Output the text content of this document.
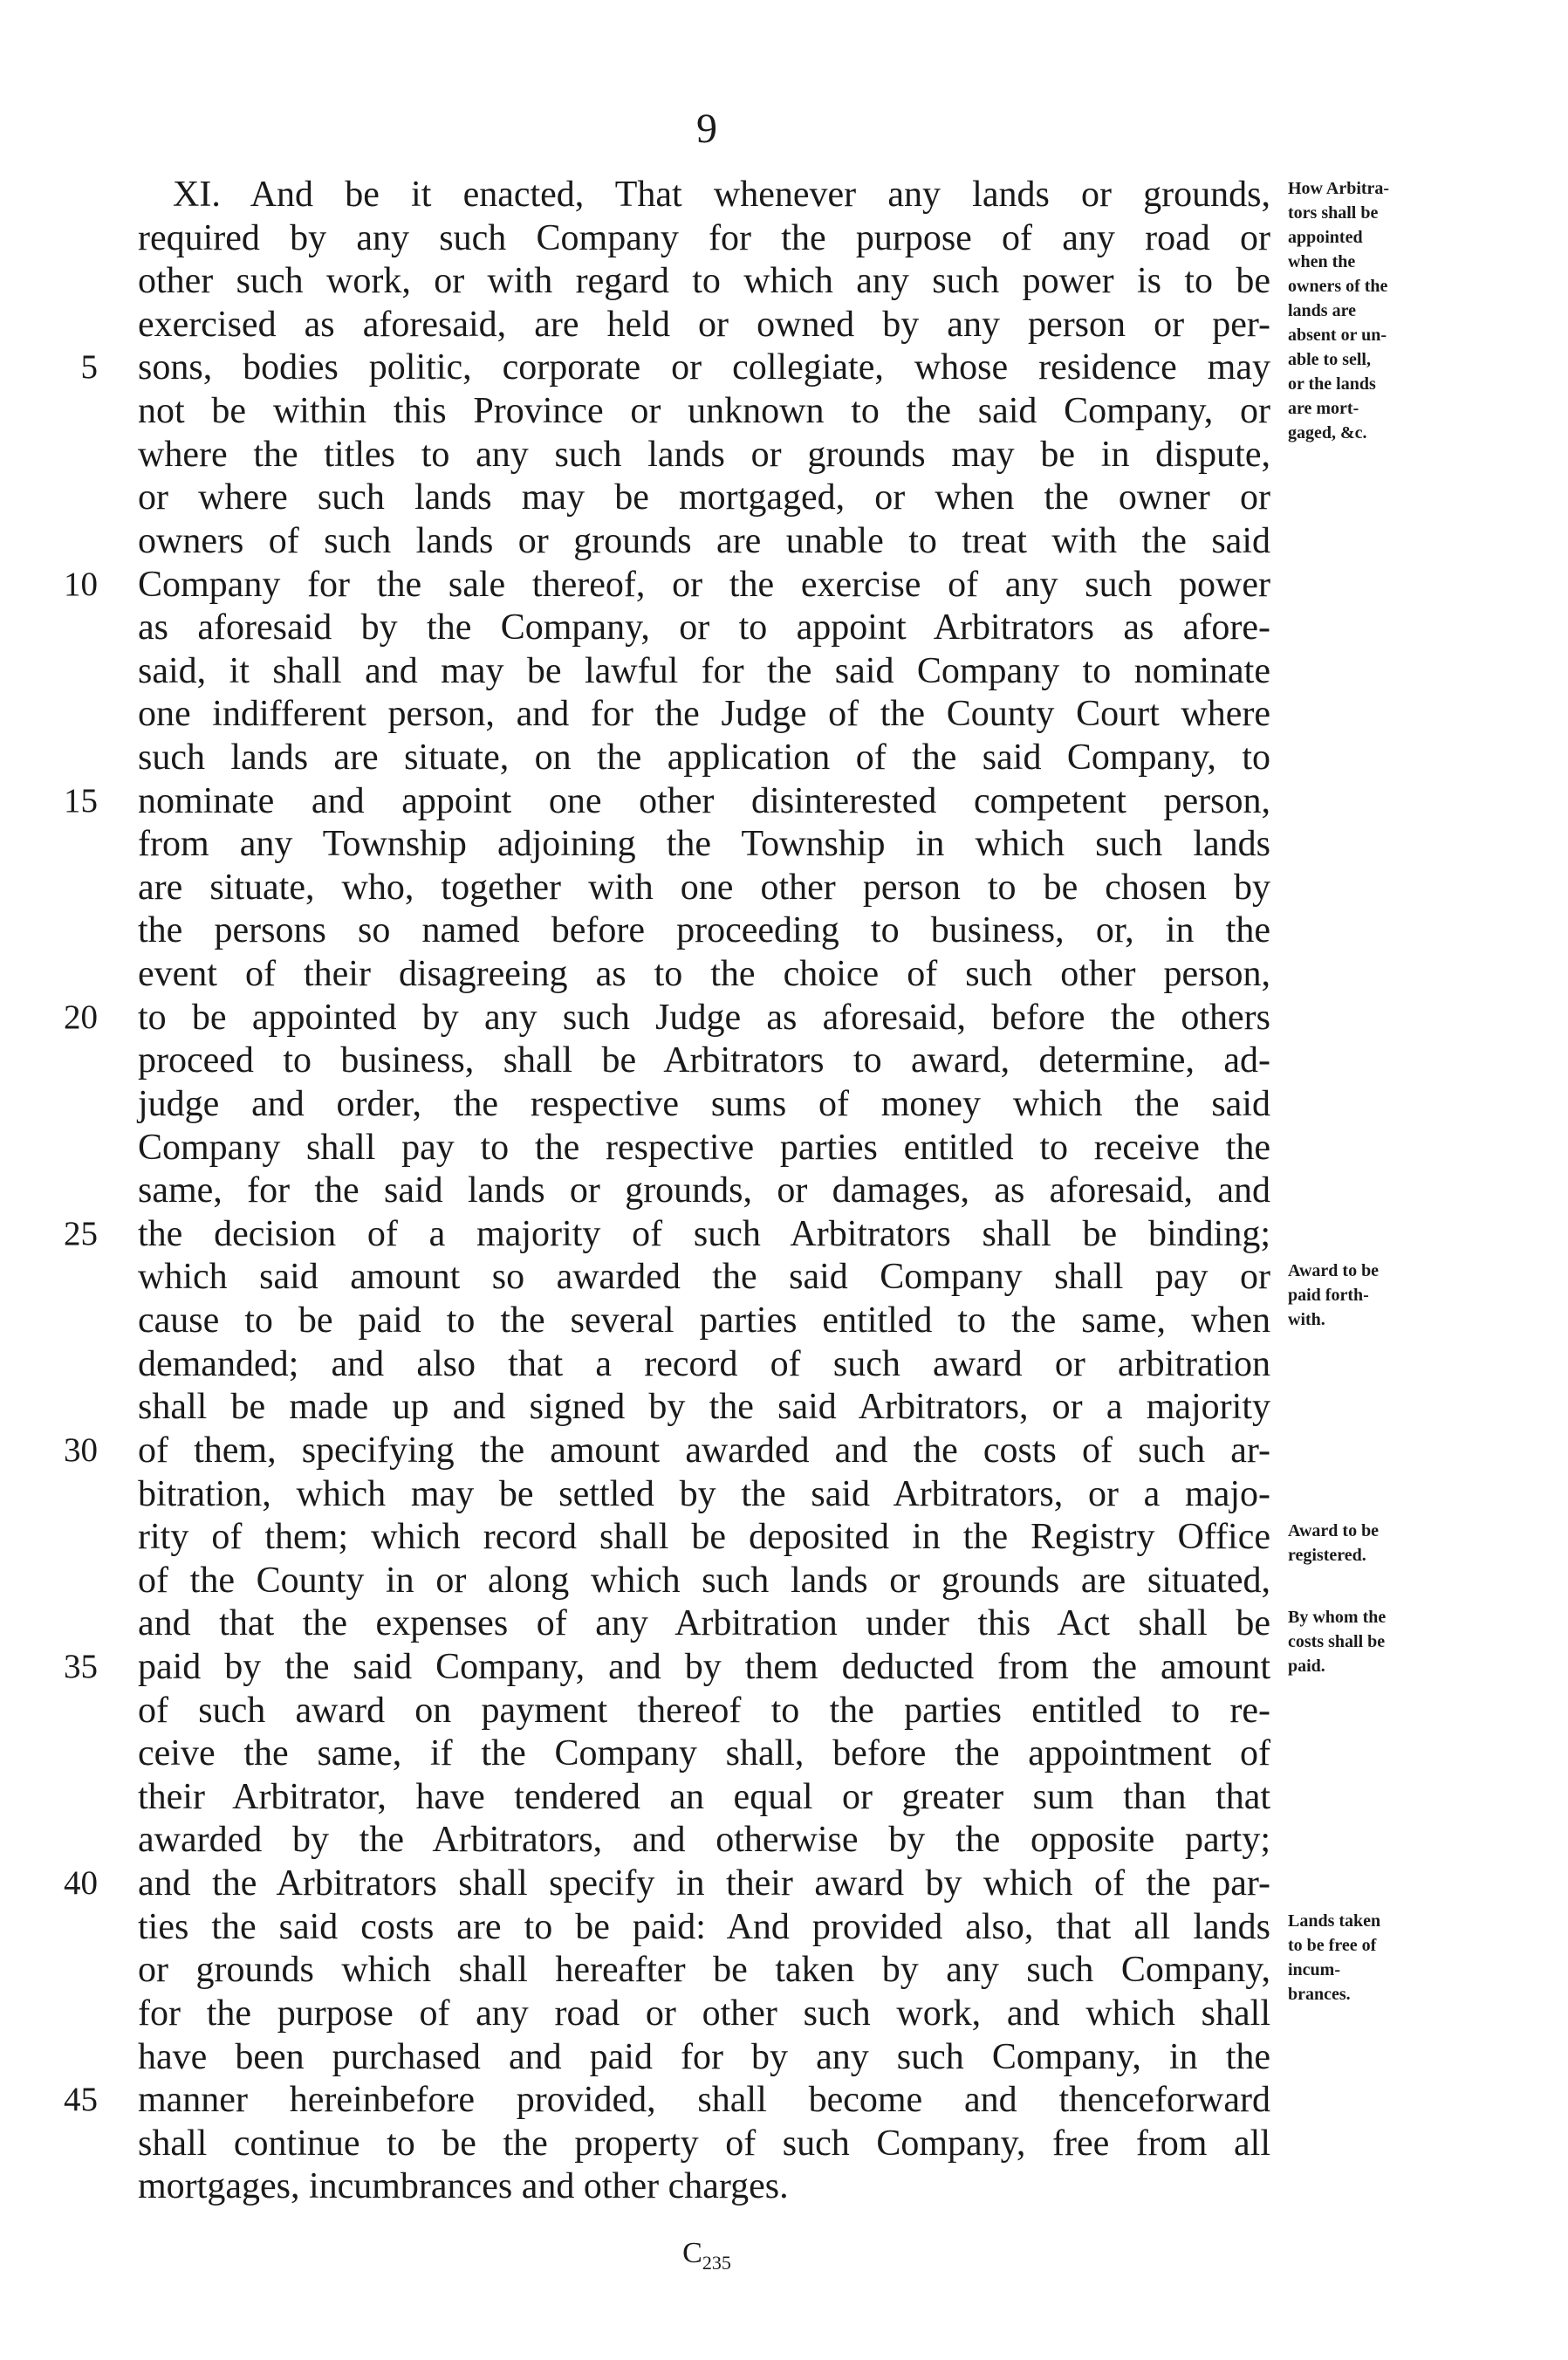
9
XI. And be it enacted, That whenever any lands or grounds,
required by any such Company for the purpose of any road or
other such work, or with regard to which any such power is to be
exercised as aforesaid, are held or owned by any person or per-
sons, bodies politic, corporate or collegiate, whose residence may
not be within this Province or unknown to the said Company, or
where the titles to any such lands or grounds may be in dispute,
or where such lands may be mortgaged, or when the owner or
owners of such lands or grounds are unable to treat with the said
Company for the sale thereof, or the exercise of any such power
as aforesaid by the Company, or to appoint Arbitrators as afore-
said, it shall and may be lawful for the said Company to nominate
one indifferent person, and for the Judge of the County Court where
such lands are situate, on the application of the said Company, to
nominate and appoint one other disinterested competent person,
from any Township adjoining the Township in which such lands
are situate, who, together with one other person to be chosen by
the persons so named before proceeding to business, or, in the
event of their disagreeing as to the choice of such other person,
to be appointed by any such Judge as aforesaid, before the others
proceed to business, shall be Arbitrators to award, determine, ad-
judge and order, the respective sums of money which the said
Company shall pay to the respective parties entitled to receive the
same, for the said lands or grounds, or damages, as aforesaid, and
the decision of a majority of such Arbitrators shall be binding;
which said amount so awarded the said Company shall pay or
cause to be paid to the several parties entitled to the same, when
demanded; and also that a record of such award or arbitration
shall be made up and signed by the said Arbitrators, or a majority
of them, specifying the amount awarded and the costs of such ar-
bitration, which may be settled by the said Arbitrators, or a majo-
rity of them; which record shall be deposited in the Registry Office
of the County in or along which such lands or grounds are situated,
and that the expenses of any Arbitration under this Act shall be
paid by the said Company, and by them deducted from the amount
of such award on payment thereof to the parties entitled to re-
ceive the same, if the Company shall, before the appointment of
their Arbitrator, have tendered an equal or greater sum than that
awarded by the Arbitrators, and otherwise by the opposite party;
and the Arbitrators shall specify in their award by which of the par-
ties the said costs are to be paid: And provided also, that all lands
or grounds which shall hereafter be taken by any such Company,
for the purpose of any road or other such work, and which shall
have been purchased and paid for by any such Company, in the
manner hereinbefore provided, shall become and thenceforward
shall continue to be the property of such Company, free from all
mortgages, incumbrances and other charges.
5
10
15
20
25
30
35
40
45
How Arbitra-
tors shall be
appointed
when the
owners of the
lands are
absent or un-
able to sell,
or the lands
are mort-
gaged, &c.
Award to be
paid forth-
with.
Award to be
registered.
By whom the
costs shall be
paid.
Lands taken
to be free of
incum-
brances.
$C_{235}$
